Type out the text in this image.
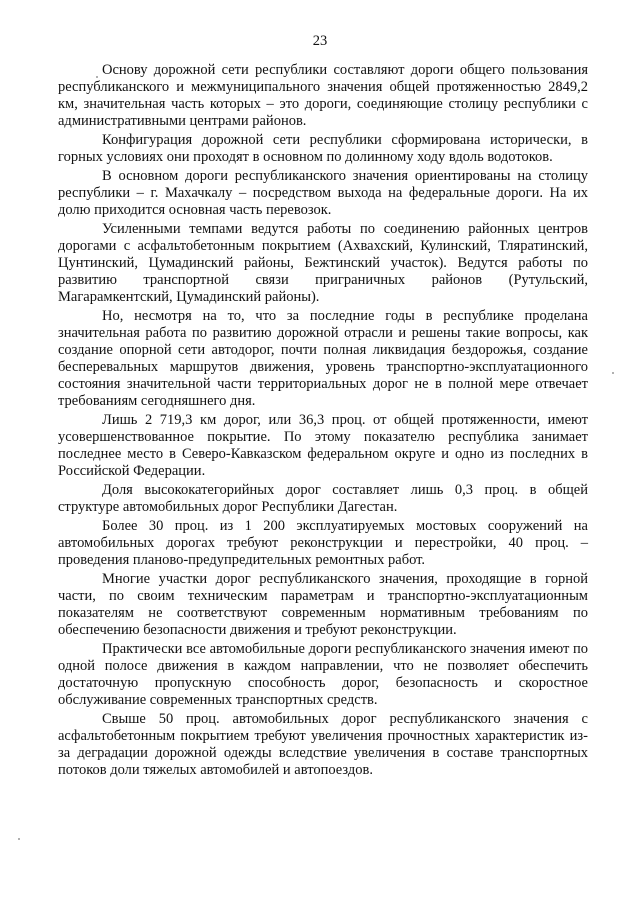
23

Основу дорожной сети республики составляют дороги общего пользования республиканского и межмуниципального значения общей протяженностью 2849,2 км, значительная часть которых – это дороги, соединяющие столицу республики с административными центрами районов.

Конфигурация дорожной сети республики сформирована исторически, в горных условиях они проходят в основном по долинному ходу вдоль водотоков.

В основном дороги республиканского значения ориентированы на столицу республики – г. Махачкалу – посредством выхода на федеральные дороги. На их долю приходится основная часть перевозок.

Усиленными темпами ведутся работы по соединению районных центров дорогами с асфальтобетонным покрытием (Ахвахский, Кулинский, Тляратинский, Цунтинский, Цумадинский районы, Бежтинский участок). Ведутся работы по развитию транспортной связи приграничных районов (Рутульский, Магарамкентский, Цумадинский районы).

Но, несмотря на то, что за последние годы в республике проделана значительная работа по развитию дорожной отрасли и решены такие вопросы, как создание опорной сети автодорог, почти полная ликвидация бездорожья, создание бесперевальных маршрутов движения, уровень транспортно-эксплуатационного состояния значительной части территориальных дорог не в полной мере отвечает требованиям сегодняшнего дня.

Лишь 2 719,3 км дорог, или 36,3 проц. от общей протяженности, имеют усовершенствованное покрытие. По этому показателю республика занимает последнее место в Северо-Кавказском федеральном округе и одно из последних в Российской Федерации.

Доля высококатегорийных дорог составляет лишь 0,3 проц. в общей структуре автомобильных дорог Республики Дагестан.

Более 30 проц. из 1 200 эксплуатируемых мостовых сооружений на автомобильных дорогах требуют реконструкции и перестройки, 40 проц. – проведения планово-предупредительных ремонтных работ.

Многие участки дорог республиканского значения, проходящие в горной части, по своим техническим параметрам и транспортно-эксплуатационным показателям не соответствуют современным нормативным требованиям по обеспечению безопасности движения и требуют реконструкции.

Практически все автомобильные дороги республиканского значения имеют по одной полосе движения в каждом направлении, что не позволяет обеспечить достаточную пропускную способность дорог, безопасность и скоростное обслуживание современных транспортных средств.

Свыше 50 проц. автомобильных дорог республиканского значения с асфальтобетонным покрытием требуют увеличения прочностных характеристик из-за деградации дорожной одежды вследствие увеличения в составе транспортных потоков доли тяжелых автомобилей и автопоездов.
